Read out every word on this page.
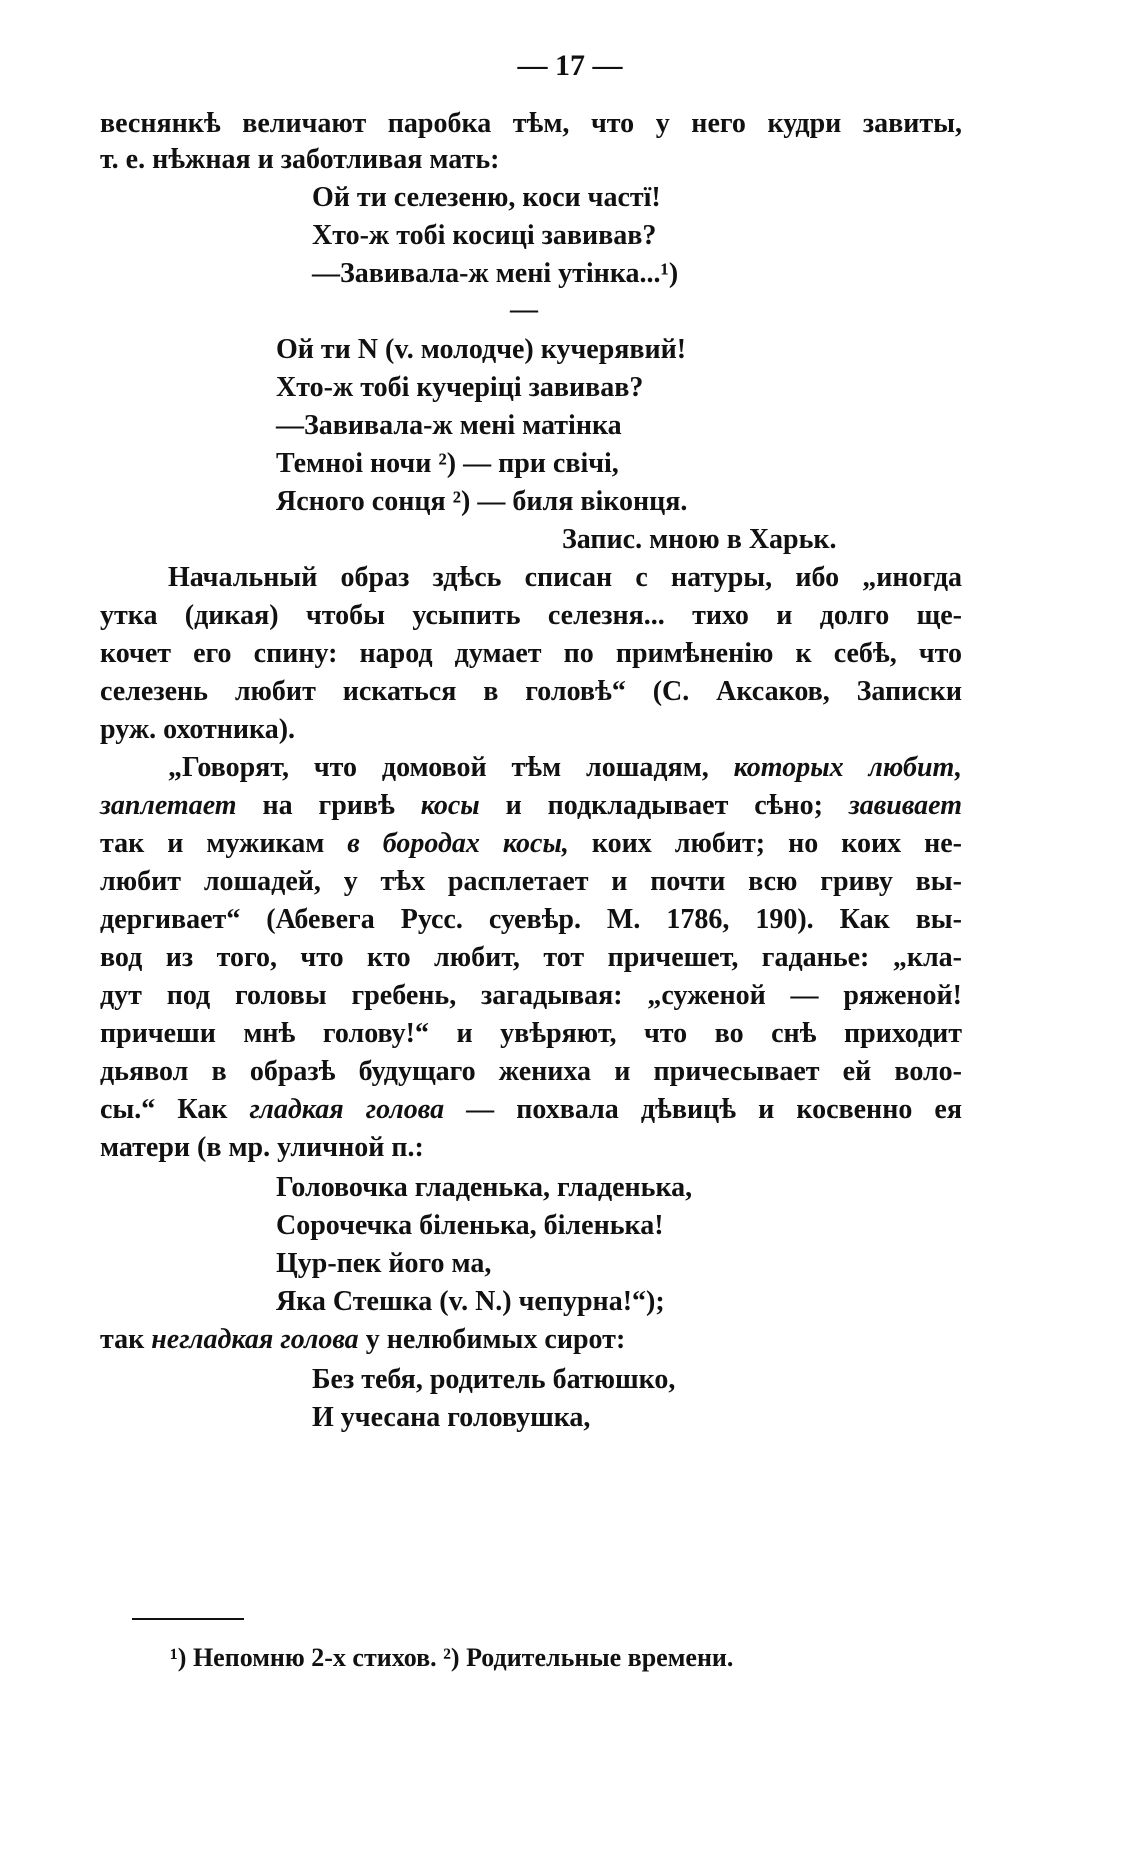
— 17 —
веснянкѣ величают паробка тѣм, что у него кудри завиты,
т. е. нѣжная и заботливая мать:
Ой ти селезеню, коси частї!
Хто-ж тобі косиці завивав?
—Завивала-ж мені утінка...¹)
—
Ой ти N (v. молодче) кучерявий!
Хто-ж тобі кучеріці завивав?
—Завивала-ж мені матінка
Темноі ночи ²) — при свічі,
Ясного сонця ²) — биля віконця.
Запис. мною в Харьк.
Начальный образ здѣсь списан с натуры, ибо „иногда
утка (дикая) чтобы усыпить селезня... тихо и долго ще-
кочет его спину: народ думает по примѣненію к себѣ, что
селезень любит искаться в головѣ“ (С. Аксаков, Записки
руж. охотника).
„Говорят, что домовой тѣм лошадям, которых любит,
заплетает на гривѣ косы и подкладывает сѣно; завивает
так и мужикам в бородах косы, коих любит; но коих не-
любит лошадей, у тѣх расплетает и почти всю гриву вы-
дергивает“ (Абевега Русс. суевѣр. М. 1786, 190). Как вы-
вод из того, что кто любит, тот причешет, гаданье: „кла-
дут под головы гребень, загадывая: „суженой — ряженой!
причеши мнѣ голову!“ и увѣряют, что во снѣ приходит
дьявол в образѣ будущаго жениха и причесывает ей воло-
сы.“ Как гладкая голова — похвала дѣвицѣ и косвенно ея
матери (в мр. уличной п.:
Головочка гладенька, гладенька,
Сорочечка біленька, біленька!
Цур-пек його ма,
Яка Стешка (v. N.) чепурна!“);
так негладкая голова у нелюбимых сирот:
Без тебя, родитель батюшко,
И учесана головушка,
¹) Непомню 2-х стихов. ²) Родительные времени.
